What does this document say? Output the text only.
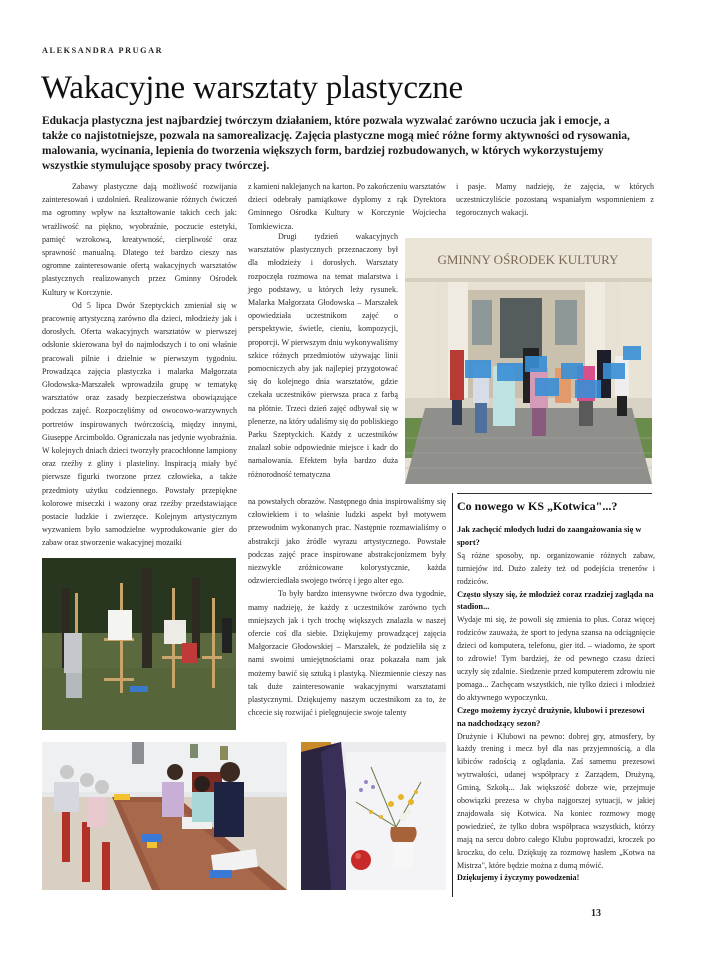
ALEKSANDRA PRUGAR
Wakacyjne warsztaty plastyczne
Edukacja plastyczna jest najbardziej twórczym działaniem, które pozwala wyzwalać zarówno uczucia jak i emocje, a także co najistotniejsze, pozwala na samorealizację. Zajęcia plastyczne mogą mieć różne formy aktywności od rysowania, malowania, wycinania, lepienia do tworzenia większych form, bardziej rozbudowanych, w których wykorzystujemy wszystkie stymulujące sposoby pracy twórczej.

Zabawy plastyczne dają możliwość rozwijania zainteresowań i uzdolnień. Realizowanie różnych ćwiczeń ma ogromny wpływ na kształtowanie takich cech jak: wrażliwość na piękno, wyobraźnie, poczucie estetyki, pamięć wzrokową, kreatywność, cierpliwość oraz sprawność manualną. Dlatego też bardzo cieszy nas ogromne zainteresowanie ofertą wakacyjnych warsztatów plastycznych realizowanych przez Gminny Ośrodek Kultury w Korczynie.

Od 5 lipca Dwór Szeptyckich zmieniał się w pracownię artystyczną zarówno dla dzieci, młodzieży jak i dorosłych. Oferta wakacyjnych warsztatów w pierwszej odsłonie skierowana był do najmłodszych i to oni właśnie pracowali pilnie i dzielnie w pierwszym tygodniu. Prowadząca zajęcia plastyczka i malarka Małgorzata Głodowska-Marszałek wprowadziła grupę w tematykę warsztatów oraz zasady bezpieczeństwa obowiązujące podczas zajęć. Rozpoczęliśmy od owocowo-warzywnych portretów inspirowanych twórczością, między innymi, Giuseppe Arcimboldo. Ograniczała nas jedynie wyobraźnia. W kolejnych dniach dzieci tworzyły pracochłonne lampiony oraz rzeźby z gliny i plasteliny. Inspiracją miały być pierwsze figurki tworzone przez człowieka, a także przedmioty użytku codziennego. Powstały przepiękne kolorowe miseczki i wazony oraz rzeźby przedstawiające postacie ludzkie i zwierzęce. Kolejnym artystycznym wyzwaniem było samodzielne wyprodukowanie gier do zabaw oraz stworzenie wakacyjnej mozaiki

z kamieni naklejanych na karton. Po zakończeniu warsztatów dzieci odebrały pamiątkowe dyplomy z rąk Dyrektora Gminnego Ośrodka Kultury w Korczynie Wojciecha Tomkiewicza.

Drugi tydzień wakacyjnych warsztatów plastycznych przeznaczony był dla młodzieży i dorosłych. Warsztaty rozpoczęła rozmowa na temat malarstwa i jego podstawy, u których leży rysunek. Malarka Małgorzata Głodowska – Marszałek opowiedziała uczestnikom zajęć o perspektywie, świetle, cieniu, kompozycji, proporcji. W pierwszym dniu wykonywaliśmy szkice różnych przedmiotów używając linii pomocniczych aby jak najlepiej przygotować się do kolejnego dnia warsztatów, gdzie czekała uczestników pierwsza praca z farbą na płótnie. Trzeci dzień zajęć odbywał się w plenerze, na który udaliśmy się do pobliskiego Parku Szeptyckich. Każdy z uczestników znalazł sobie odpowiednie miejsce i kadr do namalowania. Efektem była bardzo duża różnorodność tematyczna

na powstałych obrazów. Następnego dnia inspirowaliśmy się człowiekiem i to właśnie ludzki aspekt był motywem przewodnim wykonanych prac. Następnie rozmawialiśmy o abstrakcji jako źródle wyrazu artystycznego. Powstałe podczas zajęć prace inspirowane abstrakcjonizmem były niezwykle zróżnicowane kolorystycznie, każda odzwierciedlała swojego twórcę i jego alter ego.

To były bardzo intensywne twórczo dwa tygodnie, mamy nadzieję, że każdy z uczestników zarówno tych mniejszych jak i tych trochę większych znalazła w naszej ofercie coś dla siebie. Dziękujemy prowadzącej zajęcia Małgorzacie Głodowskiej – Marszałek, że podzieliła się z nami swoimi umiejętnościami oraz pokazała nam jak możemy bawić się sztuką i plastyką. Niezmiennie cieszy nas tak duże zainteresowanie wakacyjnymi warsztatami plastycznymi. Dziękujemy naszym uczestnikom za to, że chcecie się rozwijać i pielęgnujecie swoje talenty

i pasje. Mamy nadzieję, że zajęcia, w których uczestniczyliście pozostaną wspaniałym wspomnieniem z tegorocznych wakacji.

GMINNY OŚRODEK KULTURY
Co nowego w KS „Kotwica"...?

Jak zachęcić młodych ludzi do zaangażowania się w sport?

Są różne sposoby, np. organizowanie różnych zabaw, turniejów itd. Dużo zależy też od podejścia trenerów i rodziców.

Często słyszy się, że młodzież coraz rzadziej zagląda na stadion...

Wydaje mi się, że powoli się zmienia to plus. Coraz więcej rodziców zauważa, że sport to jedyna szansa na odciągnięcie dzieci od komputera, telefonu, gier itd. – wiadomo, że sport to zdrowie! Tym bardziej, że od pewnego czasu dzieci uczyły się zdalnie. Siedzenie przed komputerem zdrowiu nie pomaga... Zachęcam wszystkich, nie tylko dzieci i młodzież do aktywnego wypoczynku.

Czego możemy życzyć drużynie, klubowi i prezesowi na nadchodzący sezon?

Drużynie i Klubowi na pewno: dobrej gry, atmosfery, by każdy trening i mecz był dla nas przyjemnością, a dla kibiców radością z oglądania. Zaś samemu prezesowi wytrwałości, udanej współpracy z Zarządem, Drużyną, Gminą, Szkołą... Jak większość dobrze wie, przejmuje obowiązki prezesa w chyba najgorszej sytuacji, w jakiej znajdowała się Kotwica. Na koniec rozmowy mogę powiedzieć, że tylko dobra współpraca wszystkich, którzy mają na sercu dobro całego Klubu poprowadzi, kroczek po kroczku, do celu. Dziękuję za rozmowę hasłem „Kotwa na Mistrza", które będzie można z dumą mówić.

Dziękujemy i życzymy powodzenia!

13
